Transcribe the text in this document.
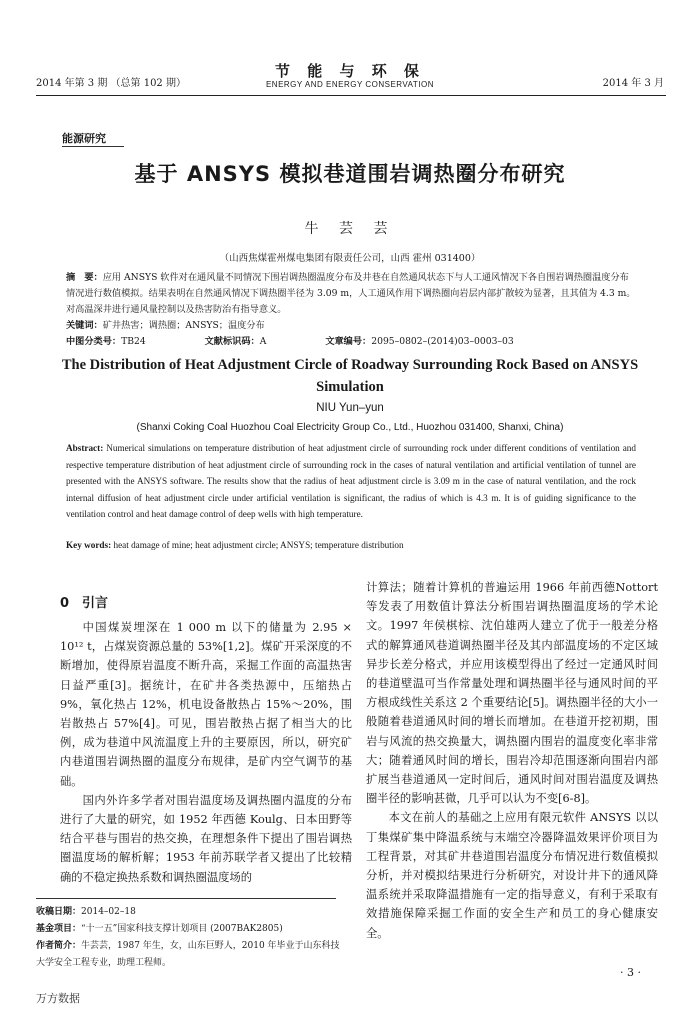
2014 年第 3 期 （总第 102 期）
节 能 与 环 保
ENERGY AND ENERGY CONSERVATION	2014 年 3 月
能源研究
基于 ANSYS 模拟巷道围岩调热圈分布研究
牛 芸 芸
（山西焦煤霍州煤电集团有限责任公司，山西 霍州 031400）
摘　要：应用 ANSYS 软件对在通风量不同情况下围岩调热圈温度分布及井巷在自然通风状态下与人工通风情况下各自围岩调热圈温度分布情况进行数值模拟。结果表明在自然通风情况下调热圈半径为 3.09 m，人工通风作用下调热圈向岩层内部扩散较为显著，且其值为 4.3 m。对高温深井进行通风量控制以及热害防治有指导意义。
关键词：矿井热害；调热圈；ANSYS；温度分布
中图分类号：TB24	文献标识码：A	文章编号：2095–0802–(2014)03–0003–03
The Distribution of Heat Adjustment Circle of Roadway Surrounding Rock Based on ANSYS Simulation
NIU Yun–yun
(Shanxi Coking Coal Huozhou Coal Electricity Group Co., Ltd., Huozhou 031400, Shanxi, China)
Abstract: Numerical simulations on temperature distribution of heat adjustment circle of surrounding rock under different conditions of ventilation and respective temperature distribution of heat adjustment circle of surrounding rock in the cases of natural ventilation and artificial ventilation of tunnel are presented with the ANSYS software. The results show that the radius of heat adjustment circle is 3.09 m in the case of natural ventilation, and the rock internal diffusion of heat adjustment circle under artificial ventilation is significant, the radius of which is 4.3 m. It is of guiding significance to the ventilation control and heat damage control of deep wells with high temperature.
Key words: heat damage of mine; heat adjustment circle; ANSYS; temperature distribution
0　引言

中国煤炭埋深在 1 000 m 以下的储量为 2.95 × 10¹² t，占煤炭资源总量的 53%[1,2]。煤矿开采深度的不断增加，使得原岩温度不断升高，采掘工作面的高温热害日益严重[3]。据统计，在矿井各类热源中，压缩热占 9%，氧化热占 12%，机电设备散热占 15%～20%，围岩散热占 57%[4]。可见，围岩散热占据了相当大的比例，成为巷道中风流温度上升的主要原因，所以，研究矿内巷道围岩调热圈的温度分布规律，是矿内空气调节的基础。

国内外许多学者对围岩温度场及调热圈内温度的分布进行了大量的研究，如 1952 年西德 Koulg、日本田野等结合平巷与围岩的热交换，在理想条件下提出了围岩调热圈温度场的解析解；1953 年前苏联学者又提出了比较精确的不稳定换热系数和调热圈温度场的

计算法；随着计算机的普遍运用 1966 年前西德Nottort等发表了用数值计算法分析围岩调热圈温度场的学术论文。1997 年侯棋棕、沈伯雄两人建立了优于一般差分格式的解算通风巷道调热圈半径及其内部温度场的不定区域异步长差分格式，并应用该模型得出了经过一定通风时间的巷道壁温可当作常量处理和调热圈半径与通风时间的平方根成线性关系这 2 个重要结论[5]。调热圈半径的大小一般随着巷道通风时间的增长而增加。在巷道开挖初期，围岩与风流的热交换量大，调热圈内围岩的温度变化率非常大；随着通风时间的增长，围岩冷却范围逐渐向围岩内部扩展当巷道通风一定时间后，通风时间对围岩温度及调热圈半径的影响甚微，几乎可以认为不变[6-8]。

本文在前人的基础之上应用有限元软件 ANSYS 以以丁集煤矿集中降温系统与末端空冷器降温效果评价项目为工程背景，对其矿井巷道围岩温度分布情况进行数值模拟分析，并对模拟结果进行分析研究，对设计井下的通风降温系统并采取降温措施有一定的指导意义，有利于采取有效措施保障采掘工作面的安全生产和员工的身心健康安全。

收稿日期：2014–02–18
基金项目：“十一五”国家科技支撑计划项目 (2007BAK2805)
作者简介：牛芸芸，1987 年生，女，山东巨野人，2010 年毕业于山东科技大学安全工程专业，助理工程师。
· 3 ·
万方数据
